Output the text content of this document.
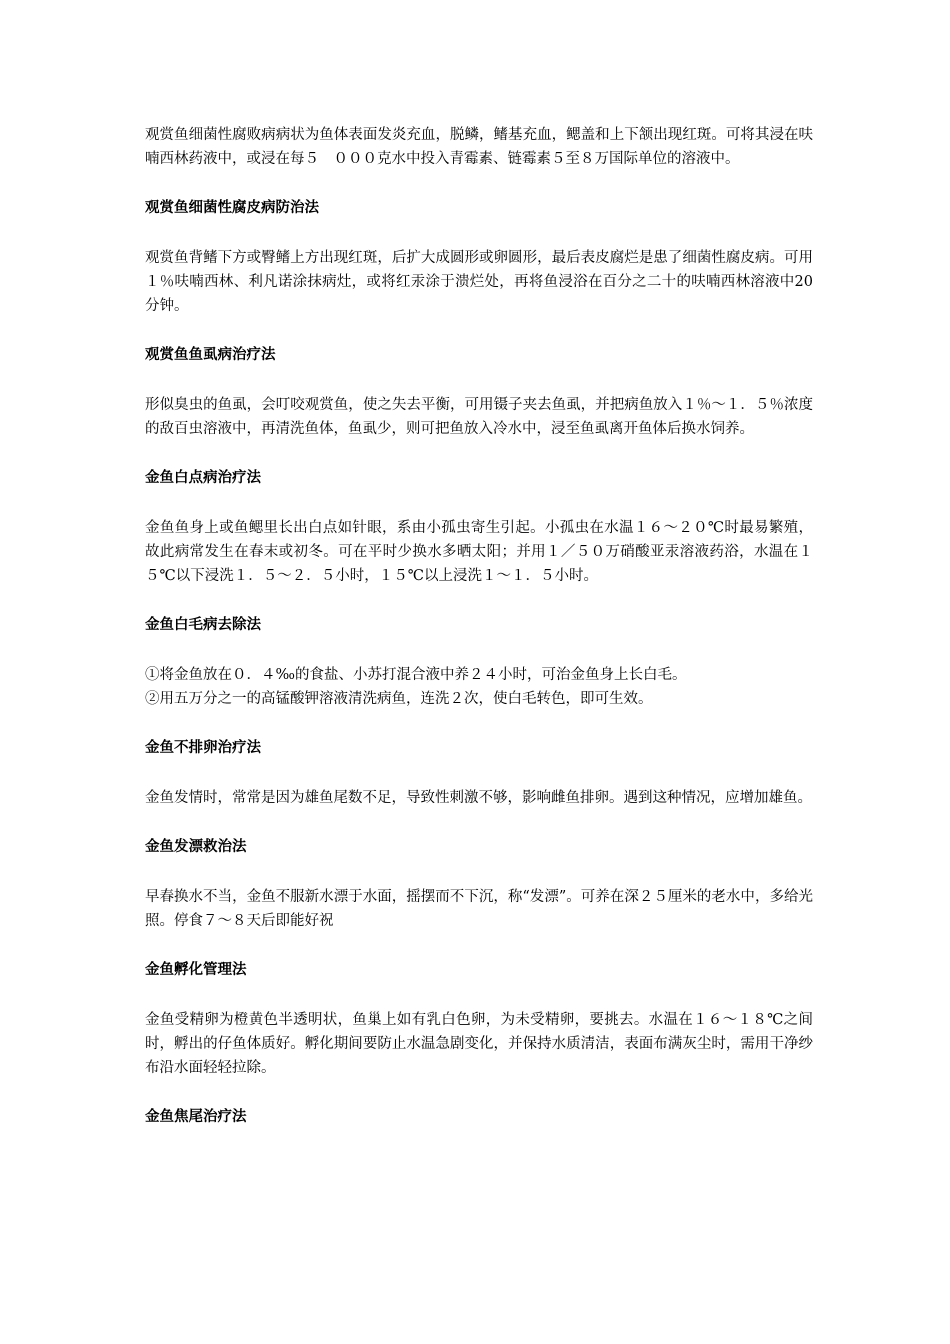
观赏鱼细菌性腐败病病状为鱼体表面发炎充血，脱鳞，鳍基充血，鳃盖和上下颔出现红斑。可将其浸在呋喃西林药液中，或浸在每５　０００克水中投入青霉素、链霉素５至８万国际单位的溶液中。

观赏鱼细菌性腐皮病防治法

观赏鱼背鳍下方或臀鳍上方出现红斑，后扩大成圆形或卵圆形，最后表皮腐烂是患了细菌性腐皮病。可用１％呋喃西林、利凡诺涂抹病灶，或将红汞涂于溃烂处，再将鱼浸浴在百分之二十的呋喃西林溶液中20分钟。

观赏鱼鱼虱病治疗法

形似臭虫的鱼虱，会叮咬观赏鱼，使之失去平衡，可用镊子夹去鱼虱，并把病鱼放入１％～１．５％浓度的敌百虫溶液中，再清洗鱼体，鱼虱少，则可把鱼放入冷水中，浸至鱼虱离开鱼体后换水饲养。

金鱼白点病治疗法

金鱼鱼身上或鱼鳃里长出白点如针眼，系由小孤虫寄生引起。小孤虫在水温１６～２０℃时最易繁殖，故此病常发生在春末或初冬。可在平时少换水多晒太阳；并用１／５０万硝酸亚汞溶液药浴，水温在１５℃以下浸洗１．５～２．５小时，１５℃以上浸洗１～１．５小时。

金鱼白毛病去除法

①将金鱼放在０．４‰的食盐、小苏打混合液中养２４小时，可治金鱼身上长白毛。

②用五万分之一的高锰酸钾溶液清洗病鱼，连洗２次，使白毛转色，即可生效。

金鱼不排卵治疗法

金鱼发情时，常常是因为雄鱼尾数不足，导致性刺激不够，影响雌鱼排卵。遇到这种情况，应增加雄鱼。

金鱼发漂救治法

早春换水不当，金鱼不服新水漂于水面，摇摆而不下沉，称“发漂”。可养在深２５厘米的老水中，多给光照。停食７～８天后即能好祝

金鱼孵化管理法

金鱼受精卵为橙黄色半透明状，鱼巢上如有乳白色卵，为未受精卵，要挑去。水温在１６～１８℃之间时，孵出的仔鱼体质好。孵化期间要防止水温急剧变化，并保持水质清洁，表面布满灰尘时，需用干净纱布沿水面轻轻拉除。

金鱼焦尾治疗法
